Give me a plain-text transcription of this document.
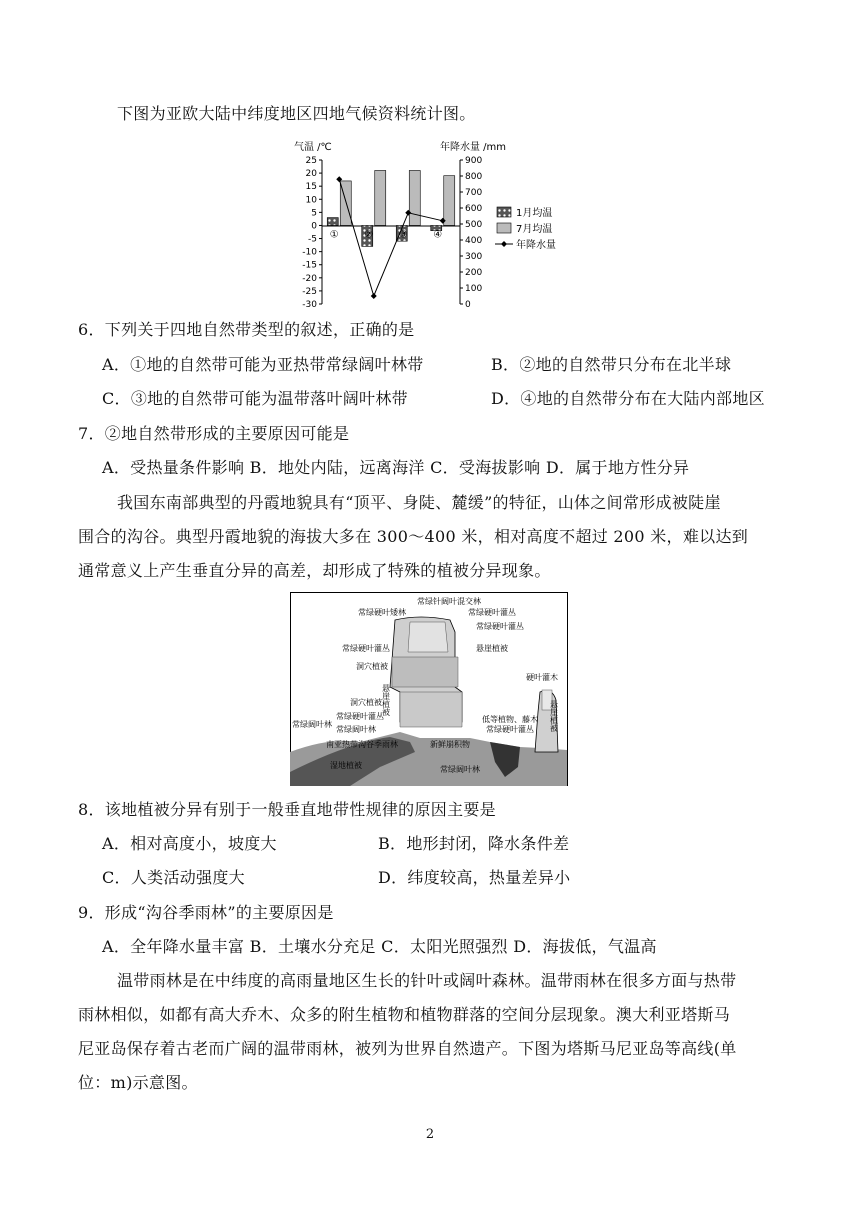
下图为亚欧大陆中纬度地区四地气候资料统计图。
气温 /℃	年降水量 /mm
25
20
15
10
5
0
-5
-10
-15
-20
-25
-30
900
800
700
600
500
400
300
200
100
0
①	②	③	④
1月均温
7月均温
年降水量
6．下列关于四地自然带类型的叙述，正确的是
A．①地的自然带可能为亚热带常绿阔叶林带	B．②地的自然带只分布在北半球
C．③地的自然带可能为温带落叶阔叶林带	D．④地的自然带分布在大陆内部地区
7．②地自然带形成的主要原因可能是
A．受热量条件影响 B．地处内陆，远离海洋 C．受海拔影响 D．属于地方性分异
我国东南部典型的丹霞地貌具有“顶平、身陡、麓缓”的特征，山体之间常形成被陡崖
围合的沟谷。典型丹霞地貌的海拔大多在 300～400 米，相对高度不超过 200 米，难以达到
通常意义上产生垂直分异的高差，却形成了特殊的植被分异现象。
常绿针阔叶混交林
常绿硬叶矮林	常绿硬叶灌丛
常绿硬叶灌丛
悬崖植被
常绿硬叶灌丛
洞穴植被
悬崖植被
硬叶灌木
悬崖植被
洞穴植被
常绿硬叶灌丛
常绿阔叶林
常绿阔叶林
南亚热带沟谷季雨林
湿地植被
低等植物、藤木
常绿硬叶灌丛
新鲜崩积物
常绿阔叶林
8．该地植被分异有别于一般垂直地带性规律的原因主要是
A．相对高度小，坡度大	B．地形封闭，降水条件差
C．人类活动强度大	D．纬度较高，热量差异小
9．形成“沟谷季雨林”的主要原因是
A．全年降水量丰富 B．土壤水分充足 C．太阳光照强烈 D．海拔低，气温高
温带雨林是在中纬度的高雨量地区生长的针叶或阔叶森林。温带雨林在很多方面与热带
雨林相似，如都有高大乔木、众多的附生植物和植物群落的空间分层现象。澳大利亚塔斯马
尼亚岛保存着古老而广阔的温带雨林，被列为世界自然遗产。下图为塔斯马尼亚岛等高线(单
位：m)示意图。
2
